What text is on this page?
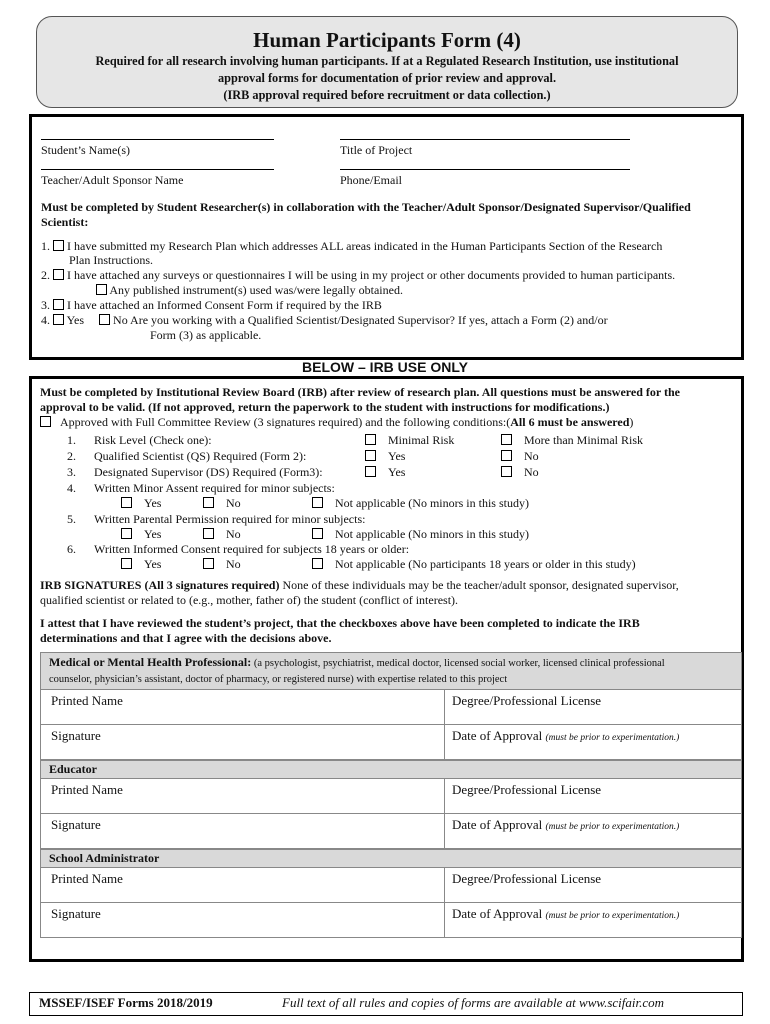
Human Participants Form (4)
Required for all research involving human participants. If at a Regulated Research Institution, use institutional
approval forms for documentation of prior review and approval.
(IRB approval required before recruitment or data collection.)
Student’s Name(s)	Title of Project
Teacher/Adult Sponsor Name	Phone/Email
Must be completed by Student Researcher(s) in collaboration with the Teacher/Adult Sponsor/Designated Supervisor/Qualified
Scientist:
1. I have submitted my Research Plan which addresses ALL areas indicated in the Human Participants Section of the Research
Plan Instructions.
2. I have attached any surveys or questionnaires I will be using in my project or other documents provided to human participants.
Any published instrument(s) used was/were legally obtained.
3. I have attached an Informed Consent Form if required by the IRB
4. Yes No Are you working with a Qualified Scientist/Designated Supervisor? If yes, attach a Form (2) and/or
Form (3) as applicable.
BELOW – IRB USE ONLY
Must be completed by Institutional Review Board (IRB) after review of research plan. All questions must be answered for the
approval to be valid. (If not approved, return the paperwork to the student with instructions for modifications.)
Approved with Full Committee Review (3 signatures required) and the following conditions:(All 6 must be answered)
1. Risk Level (Check one):	Minimal Risk	More than Minimal Risk
2. Qualified Scientist (QS) Required (Form 2):	Yes	No
3. Designated Supervisor (DS) Required (Form3):	Yes	No
4. Written Minor Assent required for minor subjects:
Yes	No	Not applicable (No minors in this study)
5. Written Parental Permission required for minor subjects:
Yes	No	Not applicable (No minors in this study)
6. Written Informed Consent required for subjects 18 years or older:
Yes	No	Not applicable (No participants 18 years or older in this study)
IRB SIGNATURES (All 3 signatures required) None of these individuals may be the teacher/adult sponsor, designated supervisor,
qualified scientist or related to (e.g., mother, father of) the student (conflict of interest).
I attest that I have reviewed the student’s project, that the checkboxes above have been completed to indicate the IRB
determinations and that I agree with the decisions above.
Medical or Mental Health Professional: (a psychologist, psychiatrist, medical doctor, licensed social worker, licensed clinical professional
counselor, physician’s assistant, doctor of pharmacy, or registered nurse) with expertise related to this project
Printed Name	Degree/Professional License
Signature	Date of Approval (must be prior to experimentation.)
Educator
Printed Name	Degree/Professional License
Signature	Date of Approval (must be prior to experimentation.)
School Administrator
Printed Name	Degree/Professional License
Signature	Date of Approval (must be prior to experimentation.)
MSSEF/ISEF Forms 2018/2019	Full text of all rules and copies of forms are available at www.scifair.com
